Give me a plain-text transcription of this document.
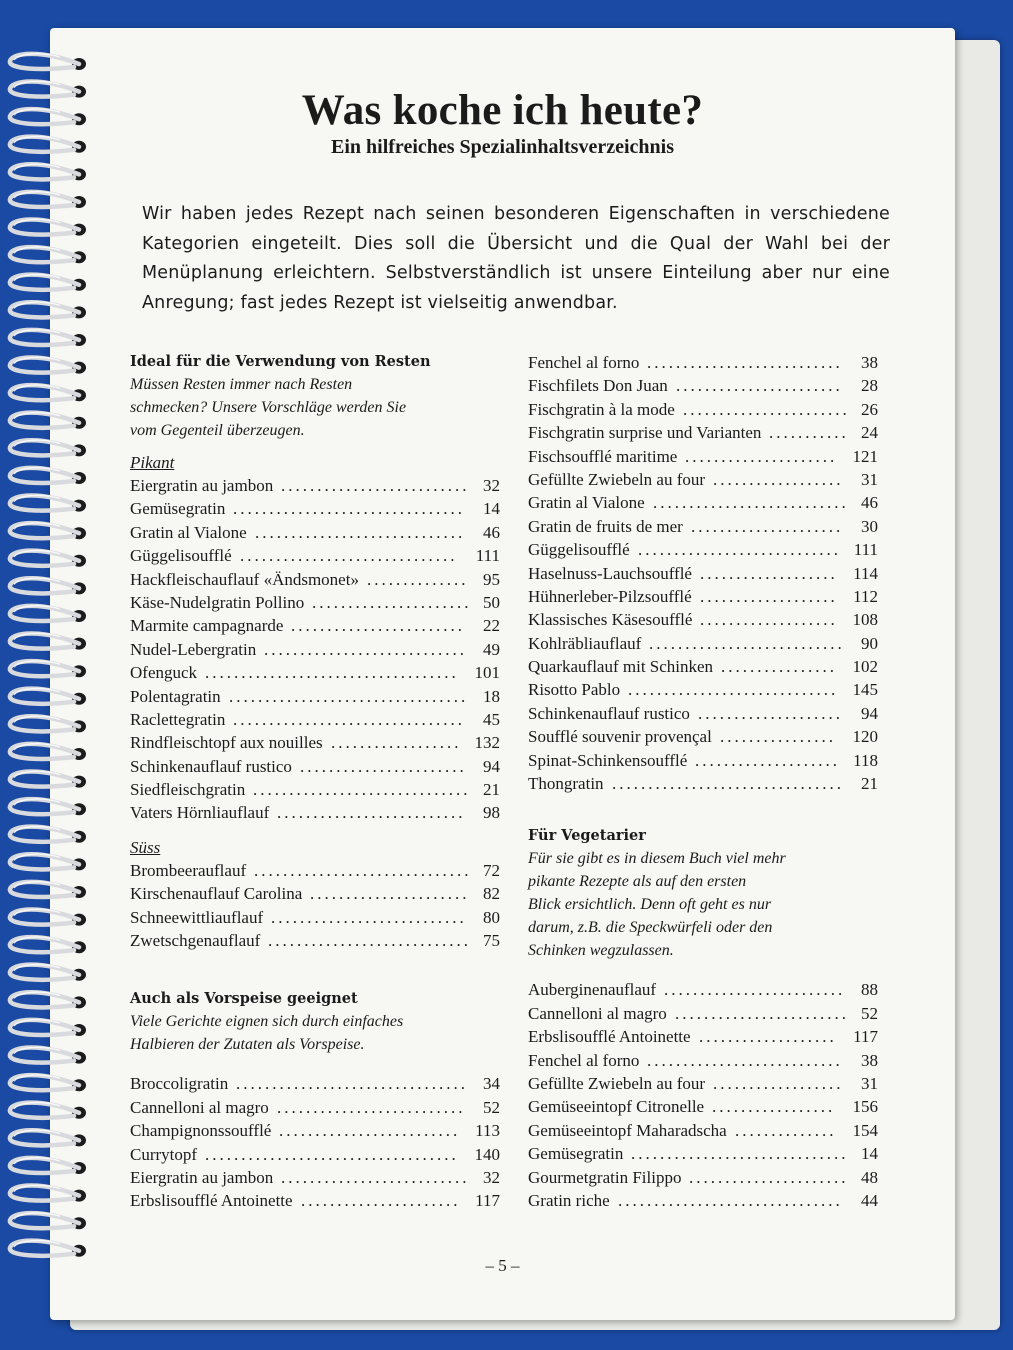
Was koche ich heute?
Ein hilfreiches Spezialinhaltsverzeichnis
Wir haben jedes Rezept nach seinen besonderen Eigenschaften in verschiedene Kategorien eingeteilt. Dies soll die Übersicht und die Qual der Wahl bei der Menüplanung erleichtern. Selbstverständlich ist unsere Einteilung aber nur eine Anregung; fast jedes Rezept ist vielseitig anwendbar.
Ideal für die Verwendung von Resten
Müssen Resten immer nach Resten
schmecken? Unsere Vorschläge werden Sie
vom Gegenteil überzeugen.
Pikant
Eiergratin au jambon .......................... 32
Gemüsegratin ................................	14
Gratin al Vialone .............................	46
Güggelisoufflé ..............................	111
Hackfleischauflauf «Ändsmonet» .............. 95
Käse-Nudelgratin Pollino ...................... 50
Marmite campagnarde ........................	22
Nudel-Lebergratin ............................ 49
Ofenguck ................................... 101
Polentagratin ................................. 18
Raclettegratin ................................	45
Rindfleischtopf aux nouilles .................. 132
Schinkenauflauf rustico ....................... 94
Siedfleischgratin .............................. 21
Vaters Hörnliauflauf ..........................	98
Süss
Brombeerauflauf .............................. 72
Kirschenauflauf Carolina ...................... 82
Schneewittliauflauf ........................... 80
Zwetschgenauflauf ............................ 75
Auch als Vorspeise geeignet
Viele Gerichte eignen sich durch einfaches
Halbieren der Zutaten als Vorspeise.
Broccoligratin ................................ 34
Cannelloni al magro ..........................	52
Champignonssoufflé ......................... 113
Currytopf ................................... 140
Eiergratin au jambon .......................... 32
Erbslisoufflé Antoinette ...................... 117
Fenchel al forno ...........................	38
Fischfilets Don Juan .......................	28
Fischgratin à la mode ....................... 26
Fischgratin surprise und Varianten ........... 24
Fischsoufflé maritime ..................... 121
Gefüllte Zwiebeln au four ..................	31
Gratin al Vialone ........................... 46
Gratin de fruits de mer .....................	30
Güggelisoufflé ............................ 111
Haselnuss-Lauchsoufflé ................... 114
Hühnerleber-Pilzsoufflé ................... 112
Klassisches Käsesoufflé ................... 108
Kohlräbliauflauf ........................... 90
Quarkauflauf mit Schinken ................ 102
Risotto Pablo ............................. 145
Schinkenauflauf rustico ....................	94
Soufflé souvenir provençal ................ 120
Spinat-Schinkensoufflé .................... 118
Thongratin ................................	21
Für Vegetarier
Für sie gibt es in diesem Buch viel mehr
pikante Rezepte als auf den ersten
Blick ersichtlich. Denn oft geht es nur
darum, z.B. die Speckwürfeli oder den
Schinken wegzulassen.
Auberginenauflauf ......................... 88
Cannelloni al magro ........................ 52
Erbslisoufflé Antoinette ................... 117
Fenchel al forno ...........................	38
Gefüllte Zwiebeln au four ..................	31
Gemüseeintopf Citronelle .................	156
Gemüseeintopf Maharadscha .............. 154
Gemüsegratin .............................. 14
Gourmetgratin Filippo ...................... 48
Gratin riche ...............................	44
– 5 –
